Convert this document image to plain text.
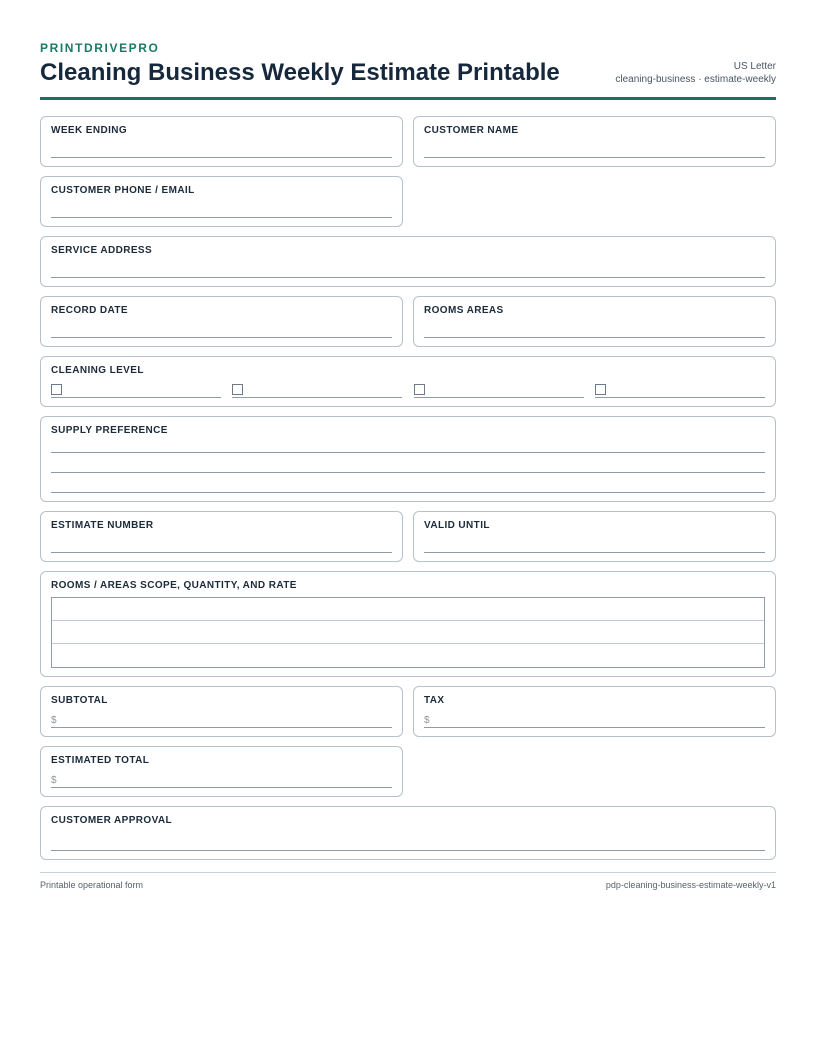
PRINTDRIVEPRO
Cleaning Business Weekly Estimate Printable	US Letter
cleaning-business · estimate-weekly
WEEK ENDING	CUSTOMER NAME
CUSTOMER PHONE / EMAIL
SERVICE ADDRESS
RECORD DATE	ROOMS AREAS
CLEANING LEVEL
SUPPLY PREFERENCE
ESTIMATE NUMBER	VALID UNTIL
ROOMS / AREAS SCOPE, QUANTITY, AND RATE
SUBTOTAL
$
TAX
$
ESTIMATED TOTAL
$
CUSTOMER APPROVAL
Printable operational form	pdp-cleaning-business-estimate-weekly-v1
